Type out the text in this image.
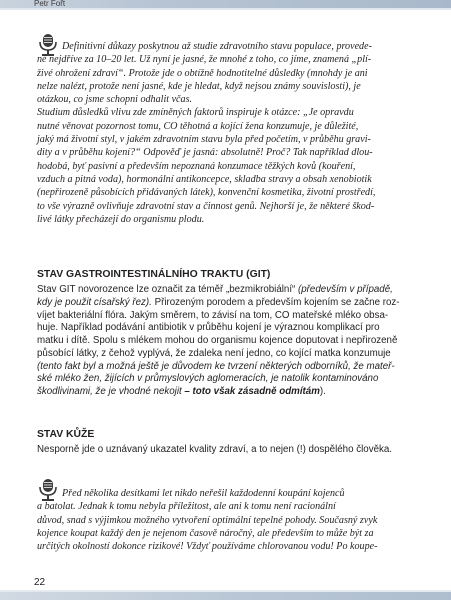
Petr Fořt
Definitivní důkazy poskytnou až studie zdravotního stavu populace, provede-
né nejdříve za 10–20 let. Už nyní je jasné, že mnohé z toho, co jíme, znamená „plí-
živé ohrožení zdraví“. Protože jde o obtížně hodnotitelné důsledky (mnohdy je ani
nelze nalézt, protože není jasné, kde je hledat, když nejsou známy souvislosti), je
otázkou, co jsme schopni odhalit včas.
Studium důsledků vlivu zde zmíněných faktorů inspiruje k otázce: „Je opravdu
nutné věnovat pozornost tomu, CO těhotná a kojící žena konzumuje, je důležité,
jaký má životní styl, v jakém zdravotním stavu byla před početím, v průběhu gravi-
dity a v průběhu kojení?“ Odpověď je jasná: absolutně! Proč? Tak například dlou-
hodobá, byť pasivní a především nepoznaná konzumace těžkých kovů (kouření,
vzduch a pitná voda), hormonální antikoncepce, skladba stravy a obsah xenobiotik
(nepřirozeně působících přidávaných látek), konvenční kosmetika, životní prostředí,
to vše výrazně ovlivňuje zdravotní stav a činnost genů. Nejhorší je, že některé škod-
livé látky přecházejí do organismu plodu.
STAV GASTROINTESTINÁLNÍHO TRAKTU (GIT)
Stav GIT novorozence lze označit za téměř „bezmikrobiální“ (především v případě,
kdy je použit císařský řez). Přirozeným porodem a především kojením se začne roz-
víjet bakteriální flóra. Jakým směrem, to závisí na tom, CO mateřské mléko obsa-
huje. Například podávání antibiotik v průběhu kojení je výraznou komplikací pro
matku i dítě. Spolu s mlékem mohou do organismu kojence doputovat i nepřirozeně
působící látky, z čehož vyplývá, že zdaleka není jedno, co kojící matka konzumuje
(tento fakt byl a možná ještě je důvodem ke tvrzení některých odborníků, že mateř-
ské mléko žen, žijících v průmyslových aglomeracích, je natolik kontaminováno
škodlivinami, že je vhodné nekojit – toto však zásadně odmítám).
STAV KŮŽE
Nesporně jde o uznávaný ukazatel kvality zdraví, a to nejen (!) dospělého člověka.
Před několika desítkami let nikdo neřešil každodenní koupání kojenců
a batolat. Jednak k tomu nebyla příležitost, ale ani k tomu není racionální
důvod, snad s výjimkou možného vytvoření optimální tepelné pohody. Současný zvyk
kojence koupat každý den je nejenom časově náročný, ale především to může být za
určitých okolností dokonce rizikové! Vždyť používáme chlorovanou vodu! Po koupe-
22
